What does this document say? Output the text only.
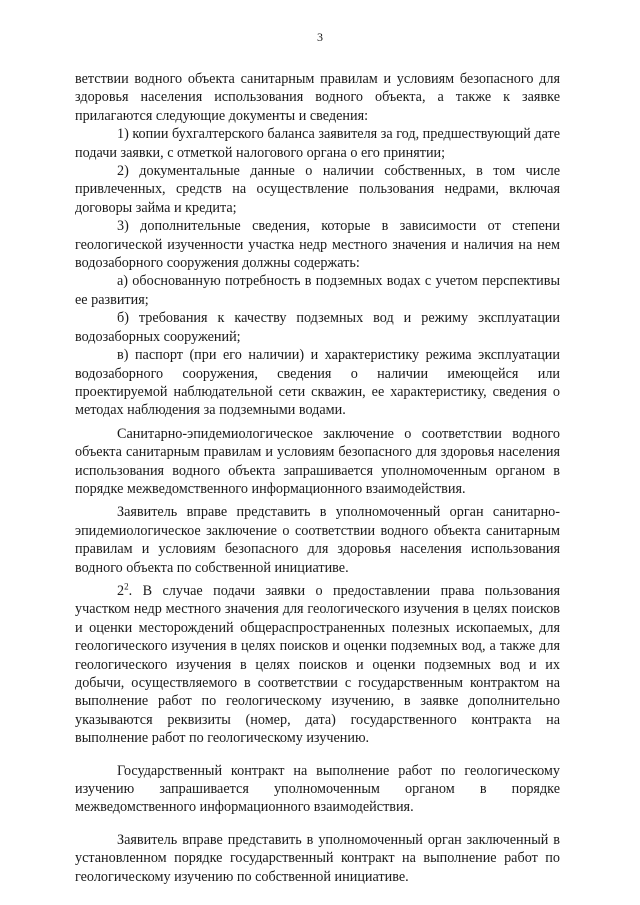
3

ветствии водного объекта санитарным правилам и условиям безопасного для здоровья населения использования водного объекта, а также к заявке прилагаются следующие документы и сведения:

1) копии бухгалтерского баланса заявителя за год, предшествующий дате подачи заявки, с отметкой налогового органа о его принятии;

2) документальные данные о наличии собственных, в том числе привлеченных, средств на осуществление пользования недрами, включая договоры займа и кредита;

3) дополнительные сведения, которые в зависимости от степени геологической изученности участка недр местного значения и наличия на нем водозаборного сооружения должны содержать:

а) обоснованную потребность в подземных водах с учетом перспективы ее развития;

б) требования к качеству подземных вод и режиму эксплуатации водозаборных сооружений;

в) паспорт (при его наличии) и характеристику режима эксплуатации водозаборного сооружения, сведения о наличии имеющейся или проектируемой наблюдательной сети скважин, ее характеристику, сведения о методах наблюдения за подземными водами.

Санитарно-эпидемиологическое заключение о соответствии водного объекта санитарным правилам и условиям безопасного для здоровья населения использования водного объекта запрашивается уполномоченным органом в порядке межведомственного информационного взаимодействия.

Заявитель вправе представить в уполномоченный орган санитарно-эпидемиологическое заключение о соответствии водного объекта санитарным правилам и условиям безопасного для здоровья населения использования водного объекта по собственной инициативе.

$2^2$. В случае подачи заявки о предоставлении права пользования участком недр местного значения для геологического изучения в целях поисков и оценки месторождений общераспространенных полезных ископаемых, для геологического изучения в целях поисков и оценки подземных вод, а также для геологического изучения в целях поисков и оценки подземных вод и их добычи, осуществляемого в соответствии с государственным контрактом на выполнение работ по геологическому изучению, в заявке дополнительно указываются реквизиты (номер, дата) государственного контракта на выполнение работ по геологическому изучению.

Государственный контракт на выполнение работ по геологическому изучению запрашивается уполномоченным органом в порядке межведомственного информационного взаимодействия.

Заявитель вправе представить в уполномоченный орган заключенный в установленном порядке государственный контракт на выполнение работ по геологическому изучению по собственной инициативе.
